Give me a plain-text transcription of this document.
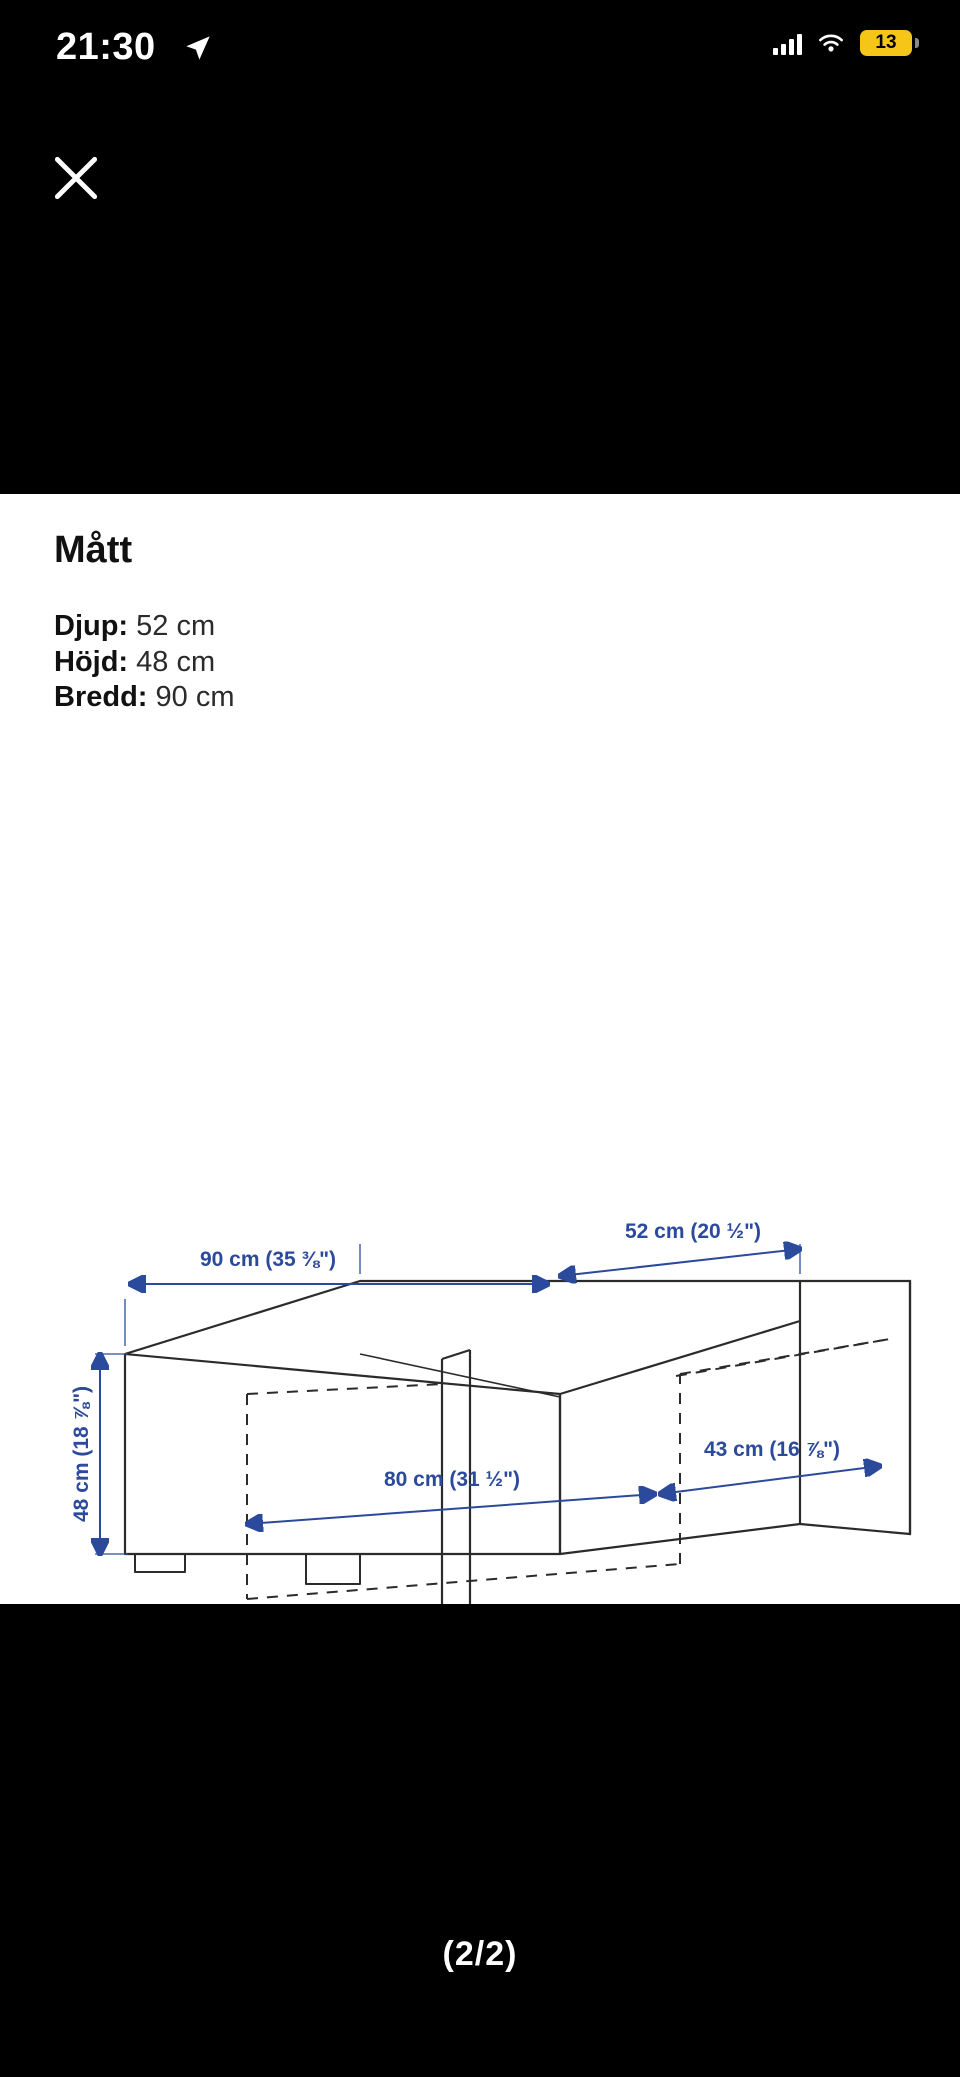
21:30	13
Mått
Djup: 52 cm
Höjd: 48 cm
Bredd: 90 cm
90 cm (35 ⅜")
52 cm (20 ½")
48 cm (18 ⅞")	80 cm (31 ½")
43 cm (16 ⅞")
(2/2)
